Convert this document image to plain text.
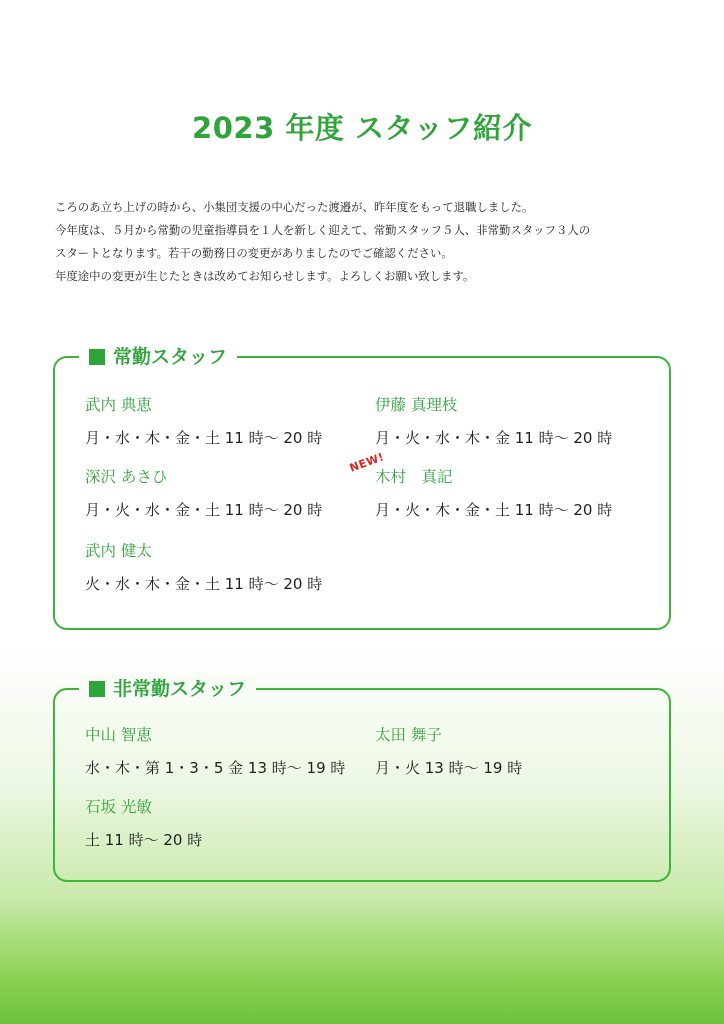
2023 年度 スタッフ紹介

ころのあ立ち上げの時から、小集団支援の中心だった渡邉が、昨年度をもって退職しました。

今年度は、５月から常勤の児童指導員を１人を新しく迎えて、常勤スタッフ５人、非常勤スタッフ３人の

スタートとなります。若干の勤務日の変更がありましたのでご確認ください。

年度途中の変更が生じたときは改めてお知らせします。よろしくお願い致します。

常勤スタッフ
武内 典恵
月・水・木・金・土 11 時～ 20 時
伊藤 真理枝
月・火・水・木・金 11 時～ 20 時
深沢 あさひ
月・火・水・金・土 11 時～ 20 時
木村　真記
月・火・木・金・土 11 時～ 20 時
NEW!
武内 健太
火・水・木・金・土 11 時～ 20 時
非常勤スタッフ
中山 智恵
水・木・第 1・3・5 金 13 時～ 19 時
太田 舞子
月・火 13 時～ 19 時
石坂 光敏
土 11 時～ 20 時
